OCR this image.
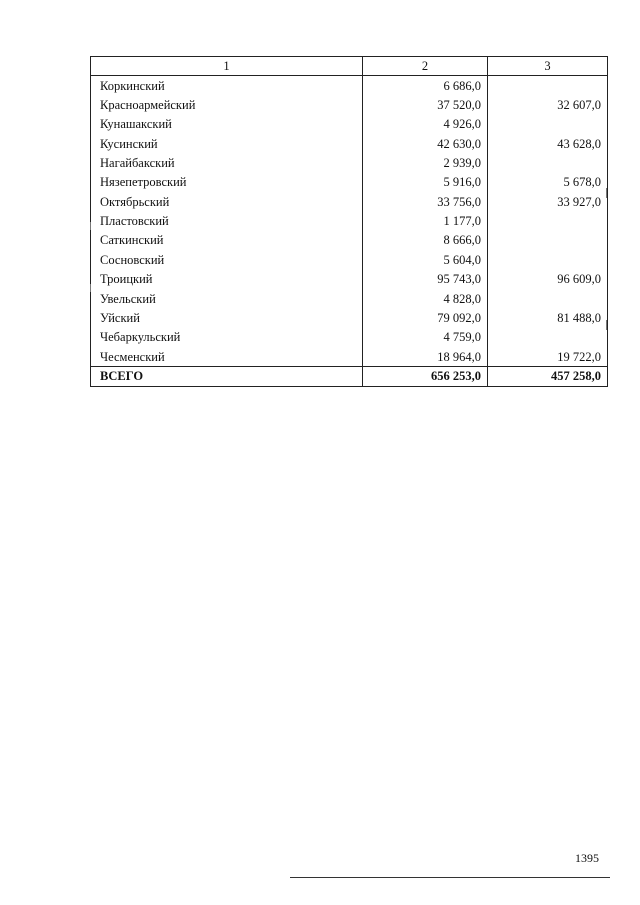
1	2	3
Коркинский	6 686,0	
Красноармейский	37 520,0	32 607,0
Кунашакский	4 926,0	
Кусинский	42 630,0	43 628,0
Нагайбакский	2 939,0	
Нязепетровский	5 916,0	5 678,0
Октябрьский	33 756,0	33 927,0
Пластовский	1 177,0	
Саткинский	8 666,0	
Сосновский	5 604,0	
Троицкий	95 743,0	96 609,0
Увельский	4 828,0	
Уйский	79 092,0	81 488,0
Чебаркульский	4 759,0	
Чесменский	18 964,0	19 722,0
ВСЕГО	656 253,0	457 258,0
1395
